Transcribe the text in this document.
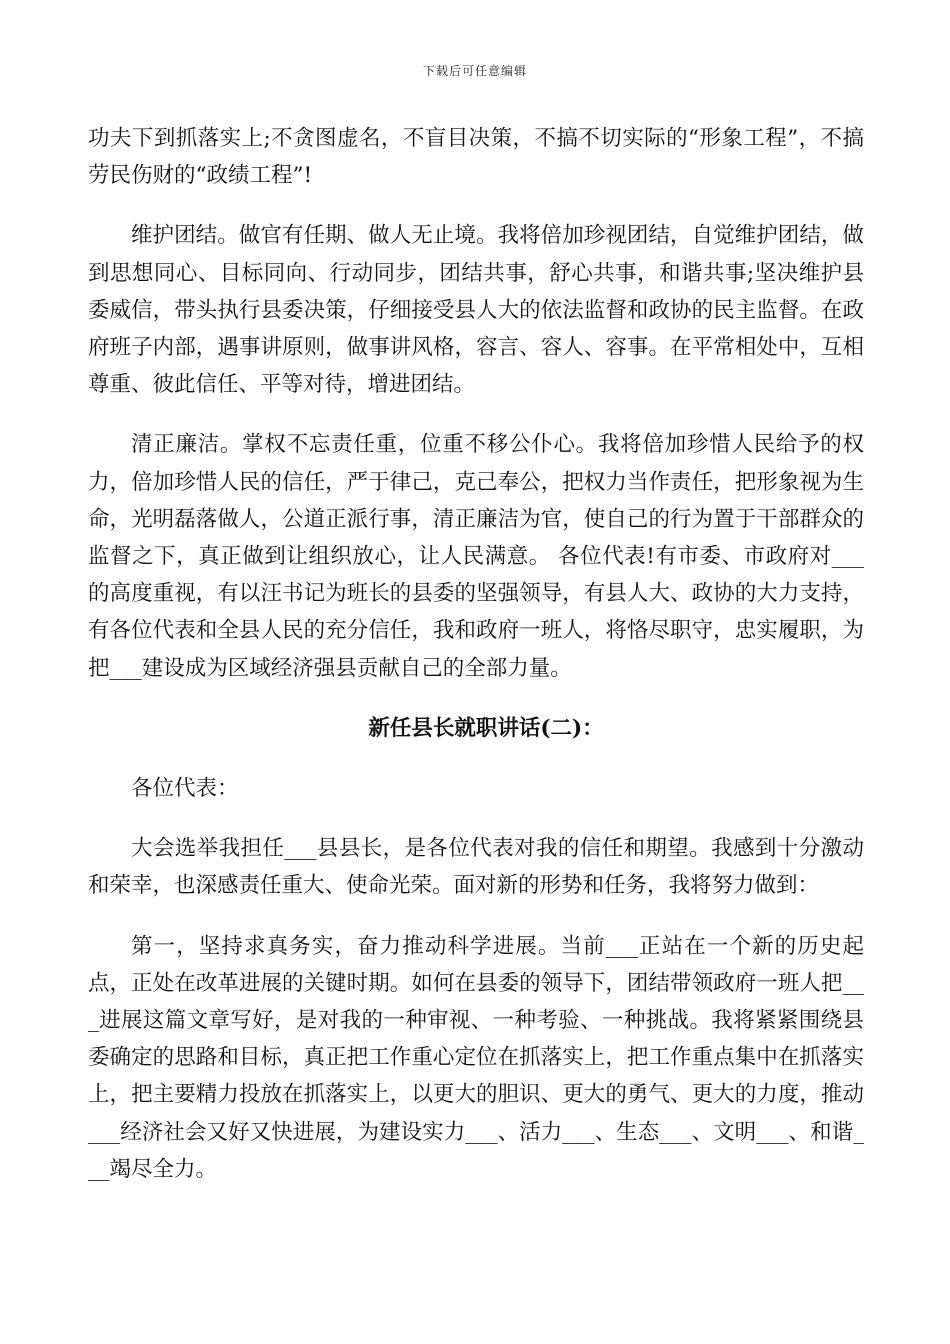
下载后可任意编辑

功夫下到抓落实上;不贪图虚名，不盲目决策，不搞不切实际的“形象工程”，不搞劳民伤财的“政绩工程”!

维护团结。做官有任期、做人无止境。我将倍加珍视团结，自觉维护团结，做到思想同心、目标同向、行动同步，团结共事，舒心共事，和谐共事;坚决维护县委威信，带头执行县委决策，仔细接受县人大的依法监督和政协的民主监督。在政府班子内部，遇事讲原则，做事讲风格，容言、容人、容事。在平常相处中，互相尊重、彼此信任、平等对待，增进团结。

清正廉洁。掌权不忘责任重，位重不移公仆心。我将倍加珍惜人民给予的权力，倍加珍惜人民的信任，严于律己，克己奉公，把权力当作责任，把形象视为生命，光明磊落做人，公道正派行事，清正廉洁为官，使自己的行为置于干部群众的监督之下，真正做到让组织放心，让人民满意。 各位代表!有市委、市政府对___的高度重视，有以汪书记为班长的县委的坚强领导，有县人大、政协的大力支持，有各位代表和全县人民的充分信任，我和政府一班人，将恪尽职守，忠实履职，为把___建设成为区域经济强县贡献自己的全部力量。

新任县长就职讲话(二)：

各位代表：

大会选举我担任___县县长，是各位代表对我的信任和期望。我感到十分激动和荣幸，也深感责任重大、使命光荣。面对新的形势和任务，我将努力做到：

第一，坚持求真务实，奋力推动科学进展。当前___正站在一个新的历史起点，正处在改革进展的关键时期。如何在县委的领导下，团结带领政府一班人把___进展这篇文章写好，是对我的一种审视、一种考验、一种挑战。我将紧紧围绕县委确定的思路和目标，真正把工作重心定位在抓落实上，把工作重点集中在抓落实上，把主要精力投放在抓落实上，以更大的胆识、更大的勇气、更大的力度，推动___经济社会又好又快进展，为建设实力___、活力___、生态___、文明___、和谐___竭尽全力。
